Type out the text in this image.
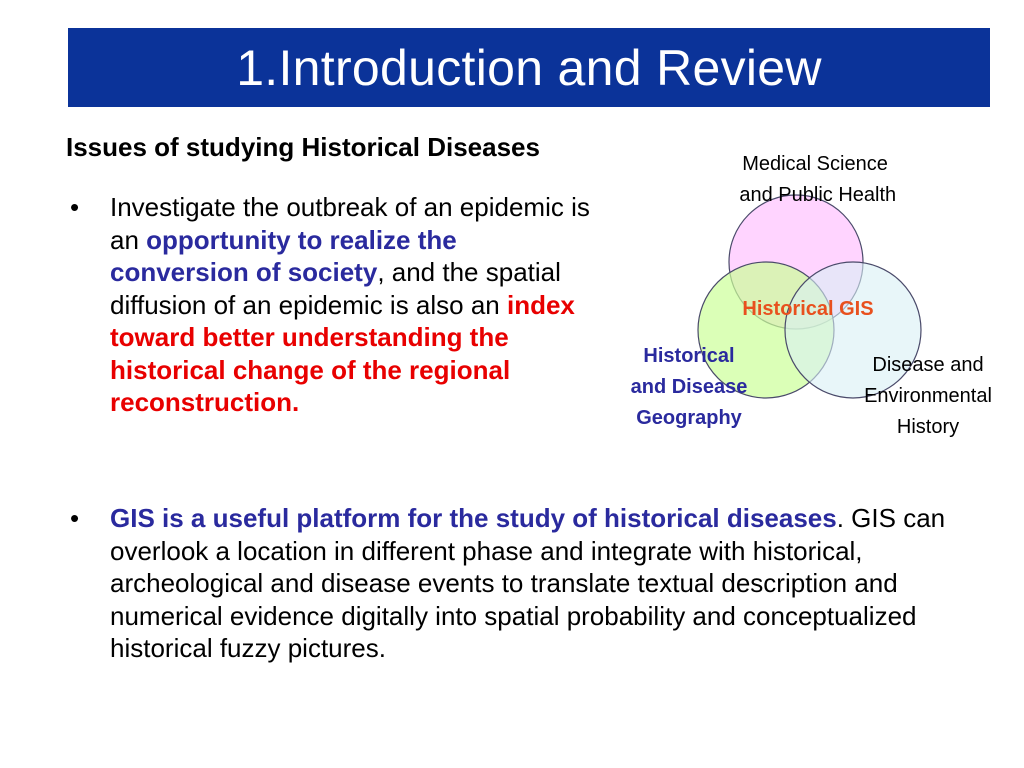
1.Introduction and Review
Issues of studying Historical Diseases
• Investigate the outbreak of an epidemic is an opportunity to realize the conversion of society, and the spatial diffusion of an epidemic is also an index toward better understanding the historical change of the regional reconstruction.
• GIS is a useful platform for the study of historical diseases. GIS can overlook a location in different phase and integrate with historical, archeological and disease events to translate textual description and numerical evidence digitally into spatial probability and conceptualized historical fuzzy pictures.
Medical Science
and Public Health
Disease and
Environmental
History
Historical
and Disease
Geography
Historical GIS
